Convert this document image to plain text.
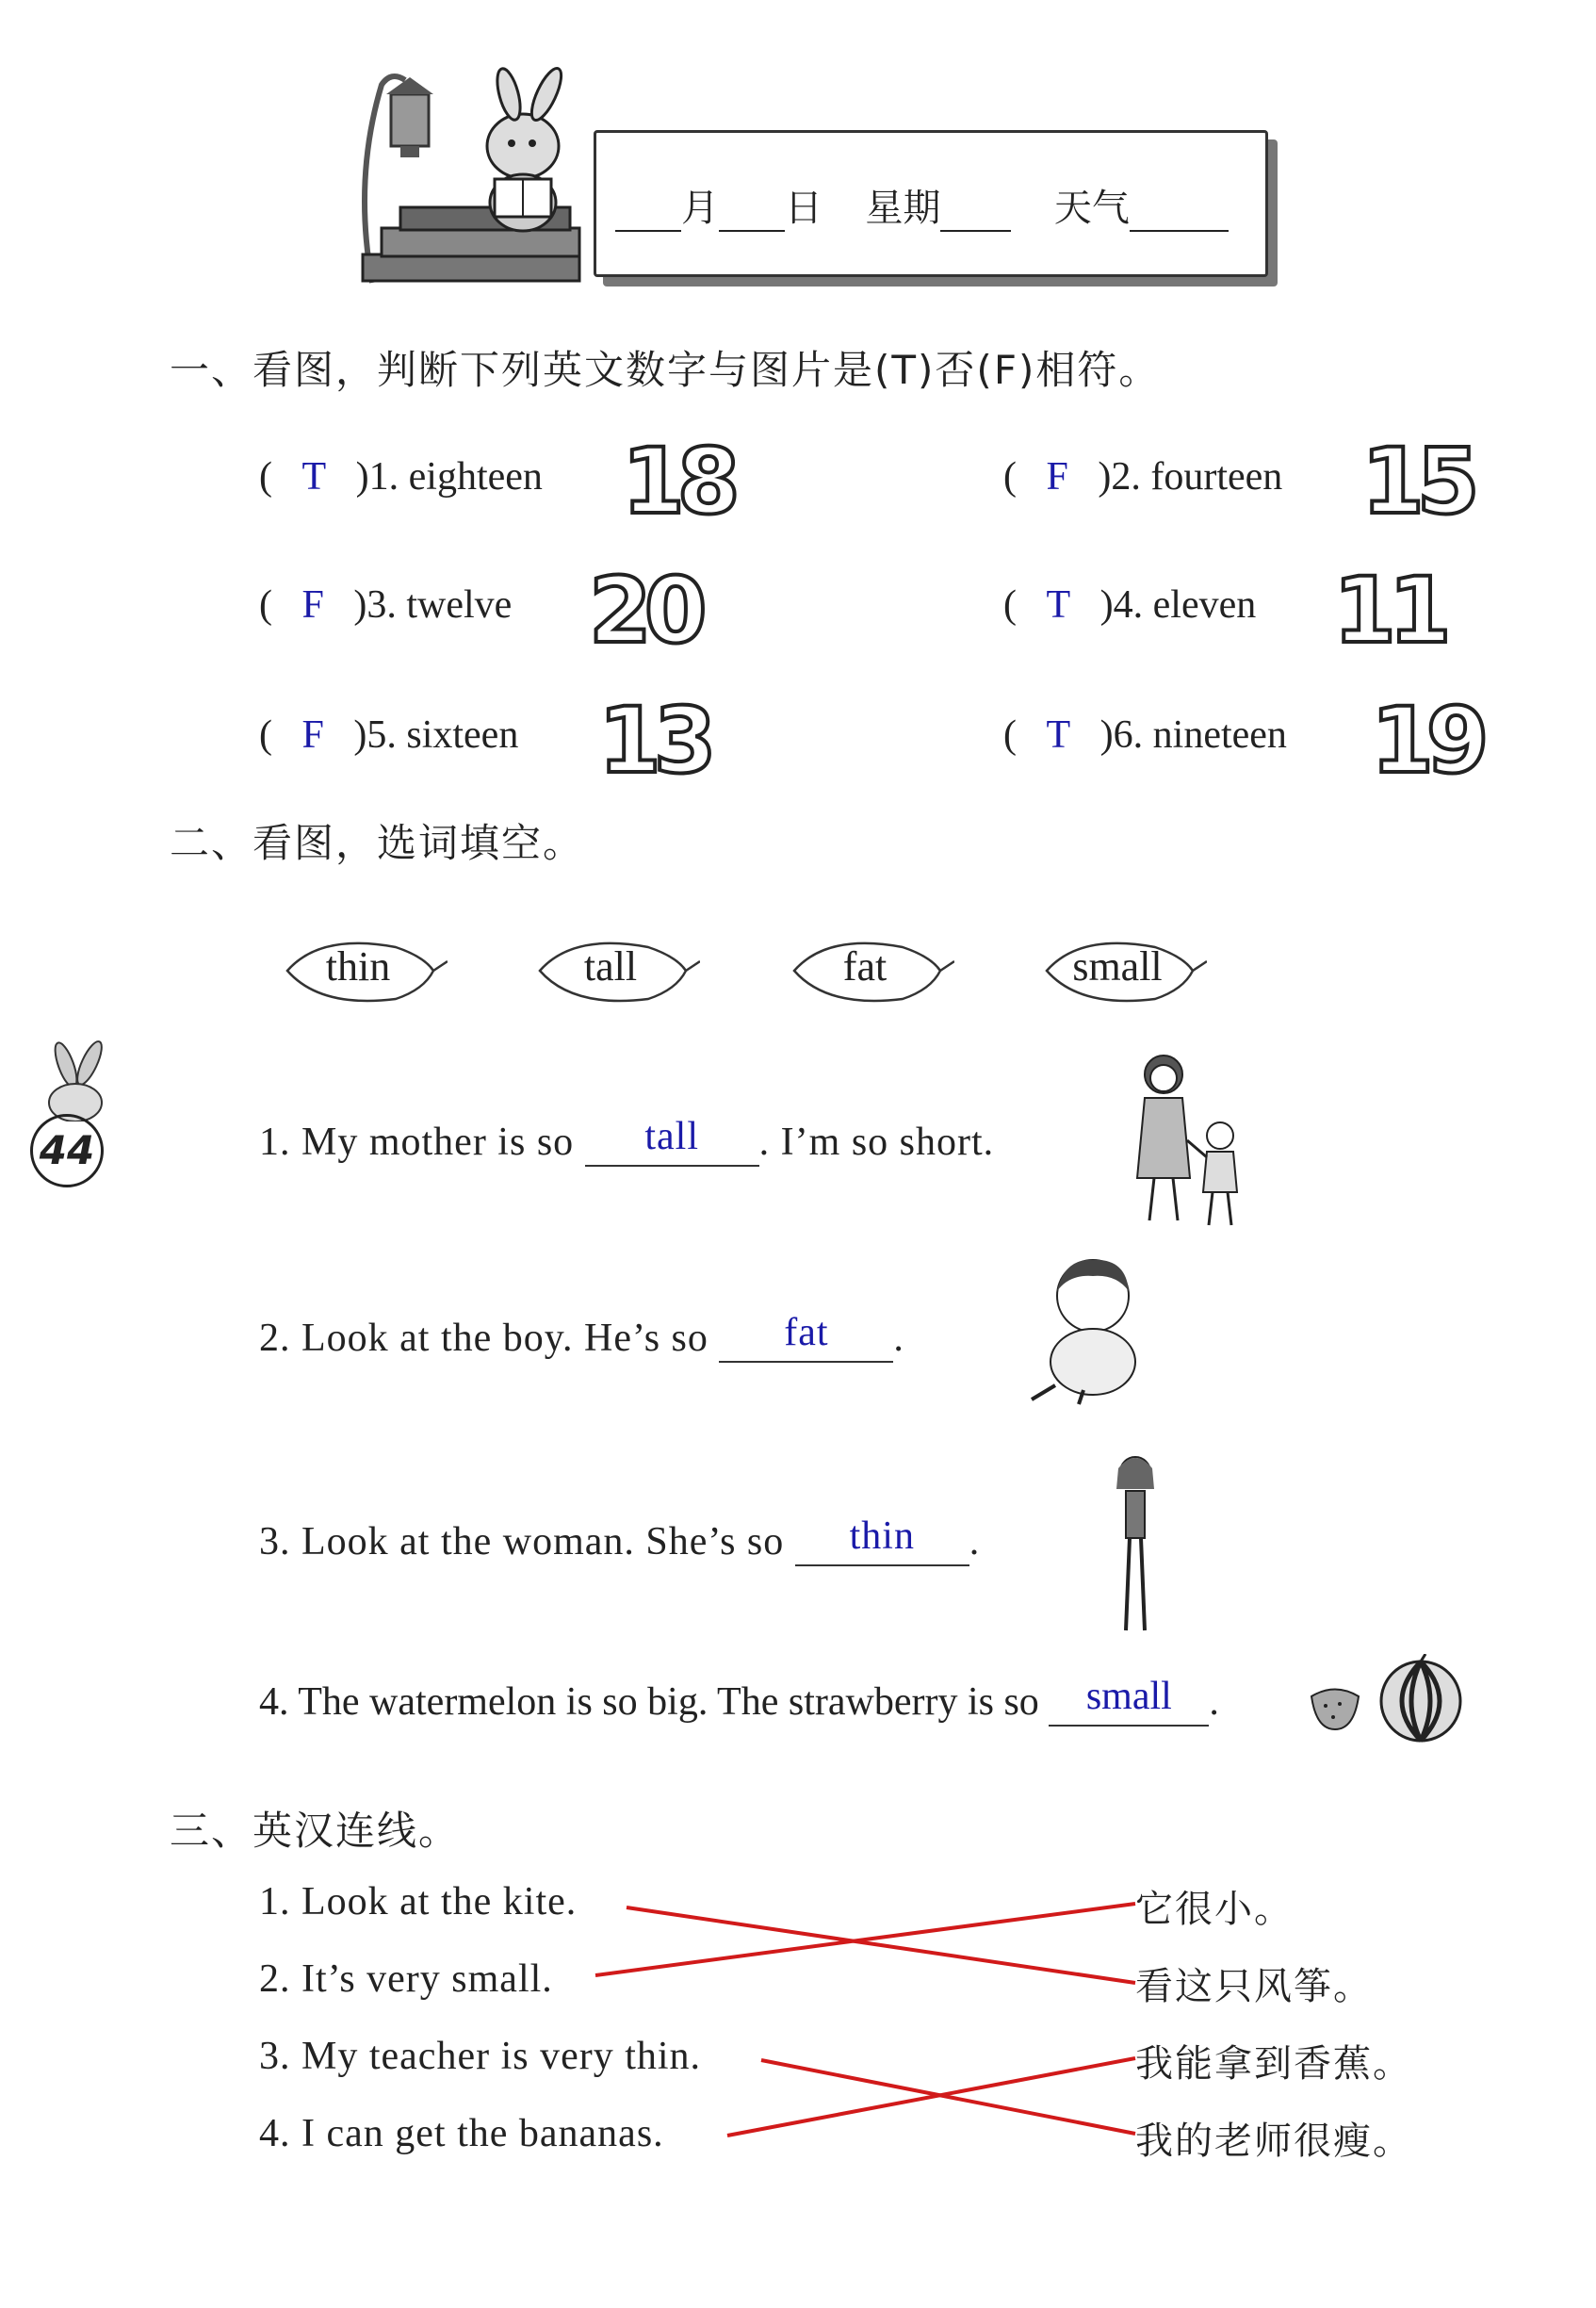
月 日 星期	天气
一、看图，判断下列英文数字与图片是(T)否(F)相符。
(   T   )1. eighteen 18	(   F   )2. fourteen 15
(   F   )3. twelve 20	(   T   )4. eleven 11
(   F   )5. sixteen 13	(   T   )6. nineteen 19
二、看图，选词填空。
thin	tall	fat	small
44	1. My mother is so	tall	. I’m so short.
2. Look at the boy. He’s so	fat	.
3. Look at the woman. She’s so	thin	.
4. The watermelon is so big. The strawberry is so	small .
三、英汉连线。
1. Look at the kite.
2. It’s very small.
3. My teacher is very thin.
4. I can get the bananas.
它很小。
看这只风筝。
我能拿到香蕉。
我的老师很瘦。
